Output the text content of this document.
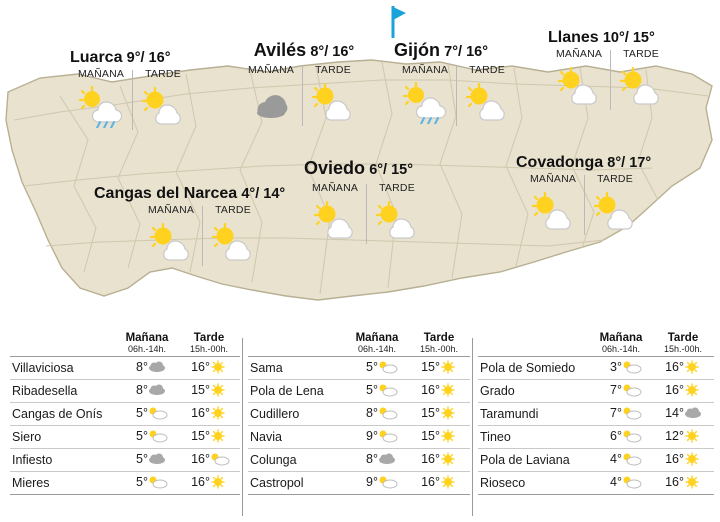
Luarca 9°/ 16°
MAÑANA	TARDE
Avilés 8°/ 16°
MAÑANA	TARDE
Gijón 7°/ 16°
MAÑANA	TARDE
Llanes 10°/ 15°
MAÑANA	TARDE
Cangas del Narcea 4°/ 14°
MAÑANA	TARDE
Oviedo 6°/ 15°
MAÑANA	TARDE
Covadonga 8°/ 17°
MAÑANA	TARDE
Mañana
06h.-14h.
Tarde
15h.-00h.
Villaviciosa	8°	16°
Ribadesella	8°	15°
Cangas de Onís	5°	16°
Siero	5°	15°
Infiesto	5°	16°
Mieres	5°	16°
Mañana
06h.-14h.
Tarde
15h.-00h.
Sama	5°	15°
Pola de Lena	5°	16°
Cudillero	8°	15°
Navia	9°	15°
Colunga	8°	16°
Castropol	9°	16°
Mañana
06h.-14h.
Tarde
15h.-00h.
Pola de Somiedo	3°	16°
Grado	7°	16°
Taramundi	7°	14°
Tineo	6°	12°
Pola de Laviana	4°	16°
Rioseco	4°	16°
